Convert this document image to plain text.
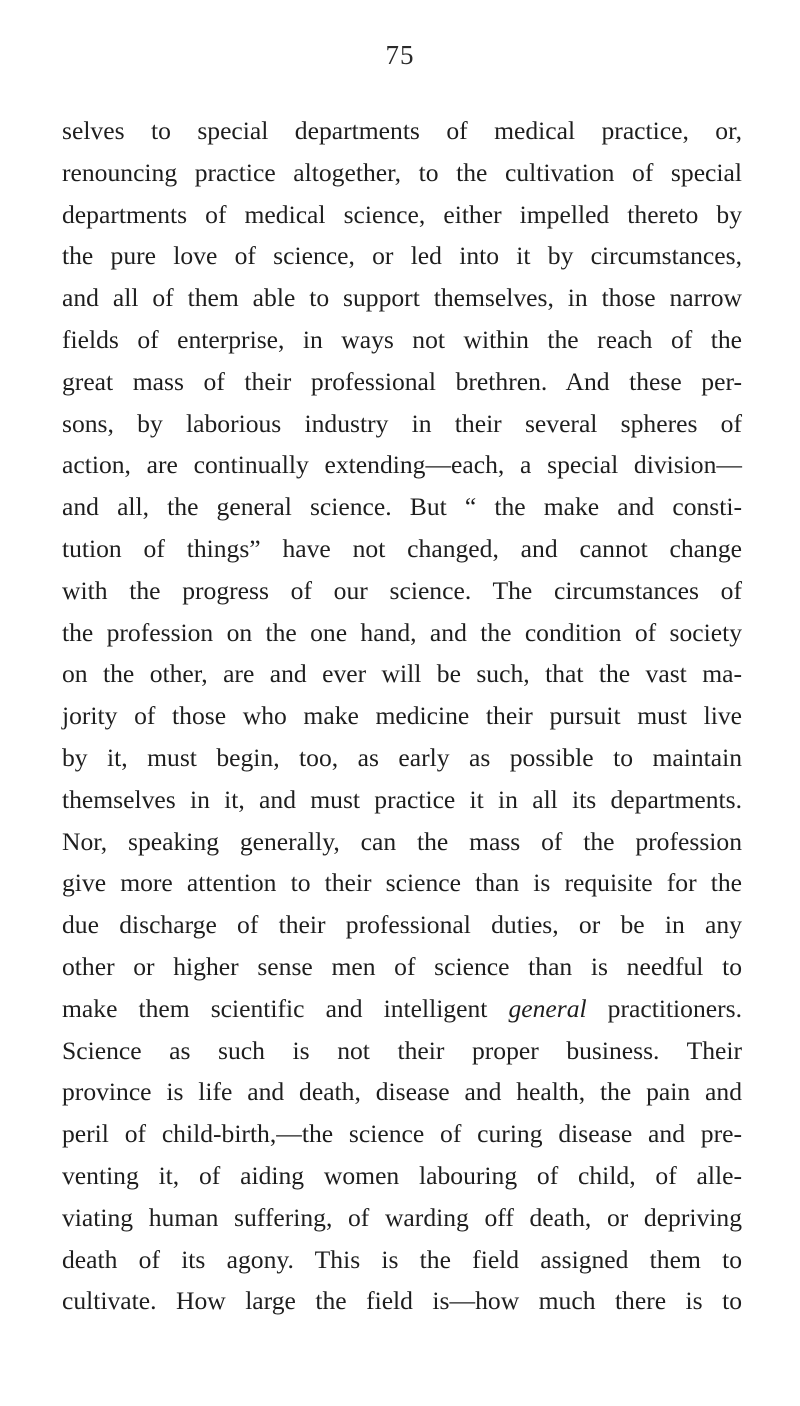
75
selves to special departments of medical practice, or,
renouncing practice altogether, to the cultivation of special
departments of medical science, either impelled thereto by
the pure love of science, or led into it by circumstances,
and all of them able to support themselves, in those narrow
fields of enterprise, in ways not within the reach of the
great mass of their professional brethren. And these per-
sons, by laborious industry in their several spheres of
action, are continually extending—each, a special division—
and all, the general science. But “ the make and consti-
tution of things” have not changed, and cannot change
with the progress of our science. The circumstances of
the profession on the one hand, and the condition of society
on the other, are and ever will be such, that the vast ma-
jority of those who make medicine their pursuit must live
by it, must begin, too, as early as possible to maintain
themselves in it, and must practice it in all its departments.
Nor, speaking generally, can the mass of the profession
give more attention to their science than is requisite for the
due discharge of their professional duties, or be in any
other or higher sense men of science than is needful to
make them scientific and intelligent general practitioners.
Science as such is not their proper business. Their
province is life and death, disease and health, the pain and
peril of child-birth,—the science of curing disease and pre-
venting it, of aiding women labouring of child, of alle-
viating human suffering, of warding off death, or depriving
death of its agony. This is the field assigned them to
cultivate. How large the field is—how much there is to
